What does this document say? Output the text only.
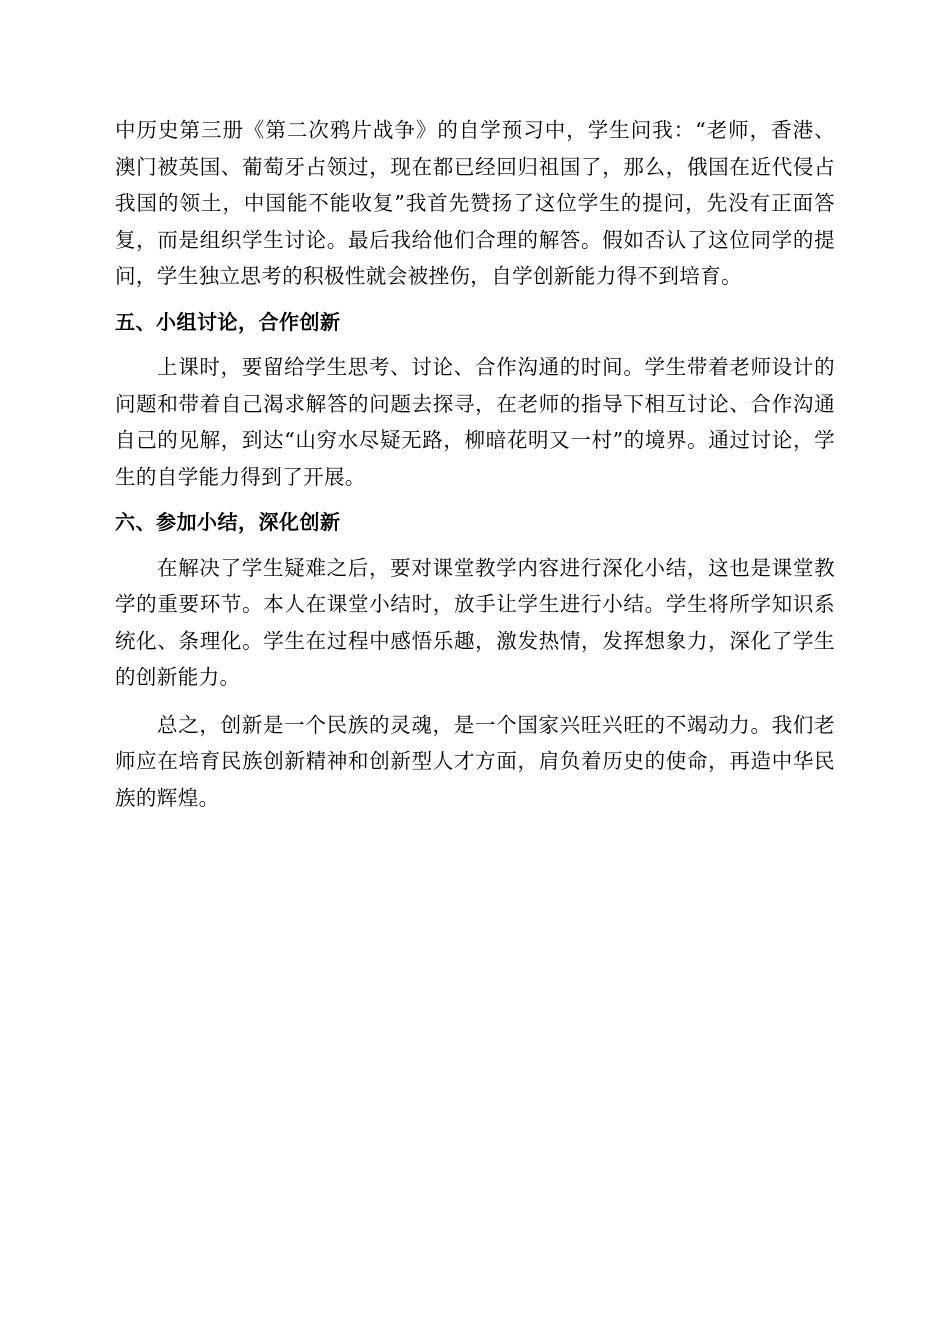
中历史第三册《第二次鸦片战争》的自学预习中，学生问我：“老师，香港、澳门被英国、葡萄牙占领过，现在都已经回归祖国了，那么，俄国在近代侵占我国的领土，中国能不能收复”我首先赞扬了这位学生的提问，先没有正面答复，而是组织学生讨论。最后我给他们合理的解答。假如否认了这位同学的提问，学生独立思考的积极性就会被挫伤，自学创新能力得不到培育。

五、小组讨论，合作创新

上课时，要留给学生思考、讨论、合作沟通的时间。学生带着老师设计的问题和带着自己渴求解答的问题去探寻，在老师的指导下相互讨论、合作沟通自己的见解，到达“山穷水尽疑无路，柳暗花明又一村”的境界。通过讨论，学生的自学能力得到了开展。

六、参加小结，深化创新

在解决了学生疑难之后，要对课堂教学内容进行深化小结，这也是课堂教学的重要环节。本人在课堂小结时，放手让学生进行小结。学生将所学知识系统化、条理化。学生在过程中感悟乐趣，激发热情，发挥想象力，深化了学生的创新能力。

总之，创新是一个民族的灵魂，是一个国家兴旺兴旺的不竭动力。我们老师应在培育民族创新精神和创新型人才方面，肩负着历史的使命，再造中华民族的辉煌。
